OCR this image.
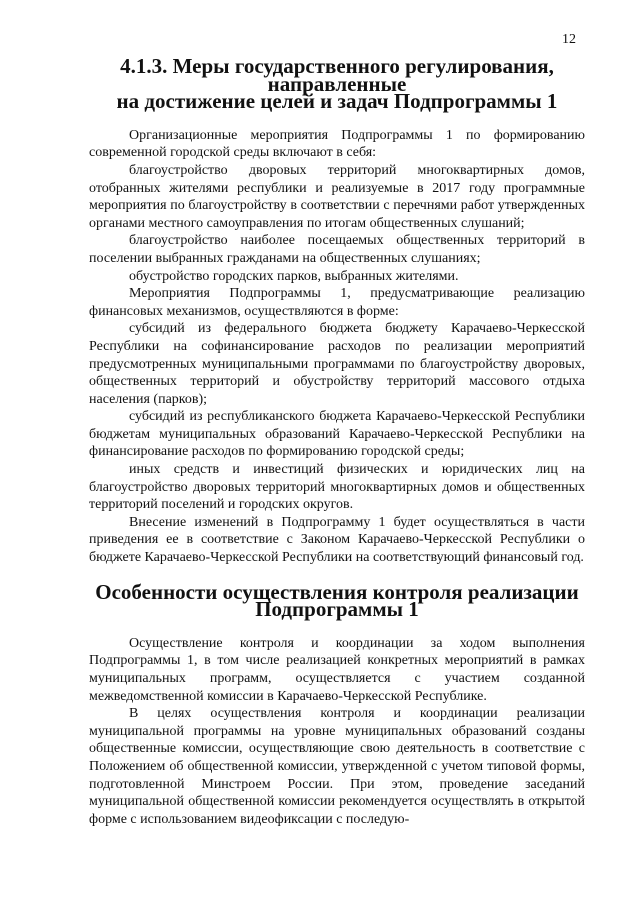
12
4.1.3. Меры государственного регулирования, направленные
на достижение целей и задач Подпрограммы 1

Организационные мероприятия Подпрограммы 1 по формированию современной городской среды включают в себя:

благоустройство дворовых территорий многоквартирных домов, отобранных жителями республики и реализуемые в 2017 году программные мероприятия по благоустройству в соответствии с перечнями работ утвержденных органами местного самоуправления по итогам общественных слушаний;

благоустройство наиболее посещаемых общественных территорий в поселении выбранных гражданами на общественных слушаниях;

обустройство городских парков, выбранных жителями.

Мероприятия Подпрограммы 1, предусматривающие реализацию финансовых механизмов, осуществляются в форме:

субсидий из федерального бюджета бюджету Карачаево-Черкесской Республики на софинансирование расходов по реализации мероприятий предусмотренных муниципальными программами по благоустройству дворовых, общественных территорий и обустройству территорий массового отдыха населения (парков);

субсидий из республиканского бюджета Карачаево-Черкесской Республики бюджетам муниципальных образований Карачаево-Черкесской Республики на финансирование расходов по формированию городской среды;

иных средств и инвестиций физических и юридических лиц на благоустройство дворовых территорий многоквартирных домов и общественных территорий поселений и городских округов.

Внесение изменений в Подпрограмму 1 будет осуществляться в части приведения ее в соответствие с Законом Карачаево-Черкесской Республики о бюджете Карачаево-Черкесской Республики на соответствующий финансовый год.

Особенности осуществления контроля реализации
Подпрограммы 1

Осуществление контроля и координации за ходом выполнения Подпрограммы 1, в том числе реализацией конкретных мероприятий в рамках муниципальных программ, осуществляется с участием созданной межведомственной комиссии в Карачаево-Черкесской Республике.

В целях осуществления контроля и координации реализации муниципальной программы на уровне муниципальных образований созданы общественные комиссии, осуществляющие свою деятельность в соответствие с Положением об общественной комиссии, утвержденной с учетом типовой формы, подготовленной Минстроем России. При этом, проведение заседаний муниципальной общественной комиссии рекомендуется осуществлять в открытой форме с использованием видеофиксации с последую-
